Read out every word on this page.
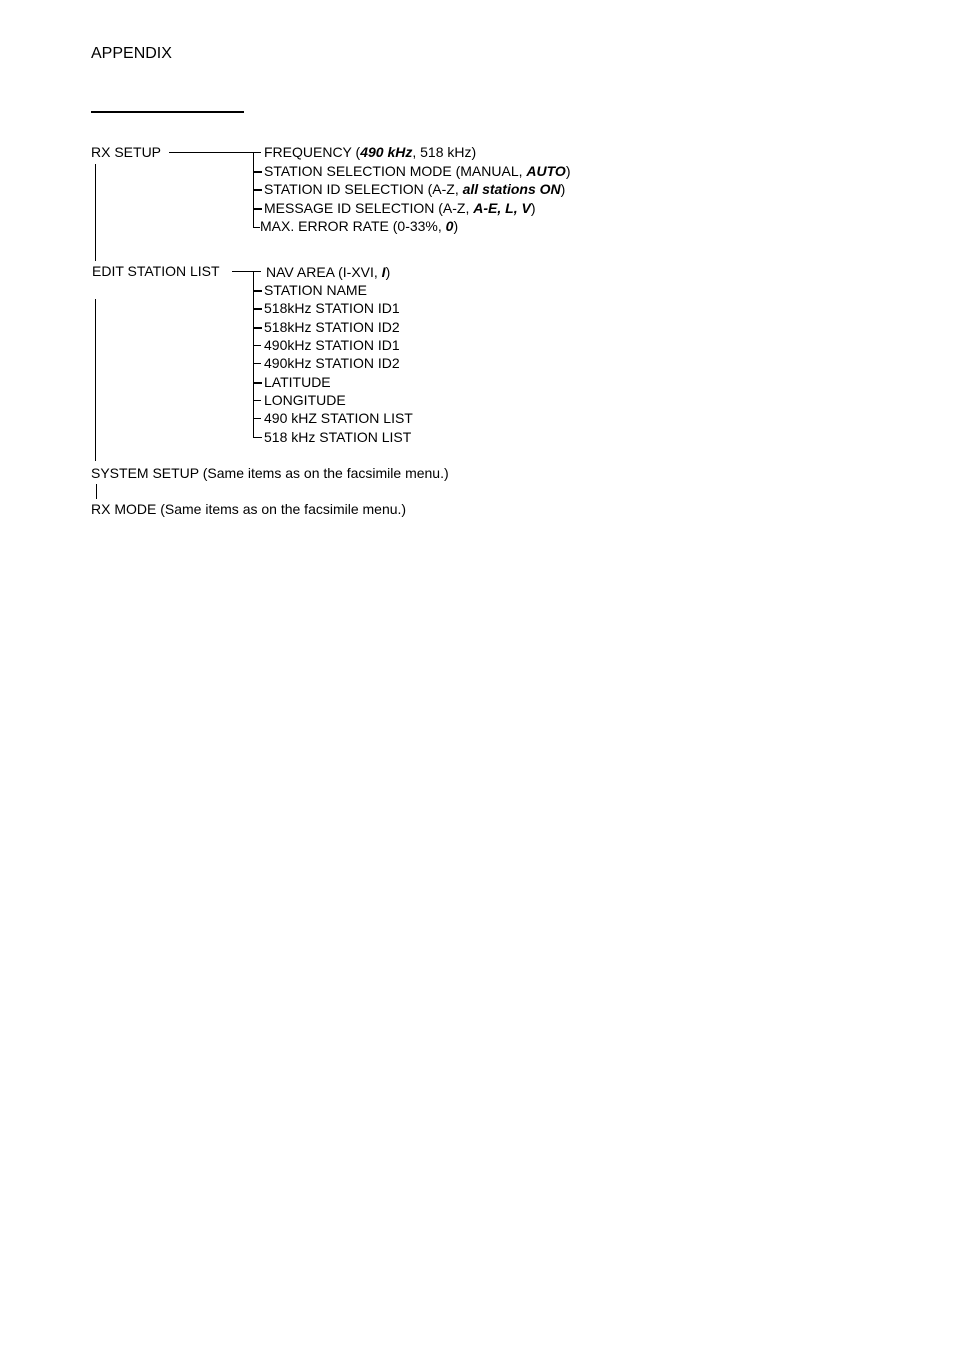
APPENDIX
RX SETUP	FREQUENCY (490 kHz, 518 kHz)
STATION SELECTION MODE (MANUAL, AUTO)
STATION ID SELECTION (A-Z, all stations ON)
MESSAGE ID SELECTION (A-Z, A-E, L, V)
MAX. ERROR RATE (0-33%, 0)
EDIT STATION LIST	NAV AREA (I-XVI, I)
STATION NAME
518kHz STATION ID1
518kHz STATION ID2
490kHz STATION ID1
490kHz STATION ID2
LATITUDE
LONGITUDE
490 kHZ STATION LIST
518 kHz STATION LIST
SYSTEM SETUP (Same items as on the facsimile menu.)
RX MODE (Same items as on the facsimile menu.)
